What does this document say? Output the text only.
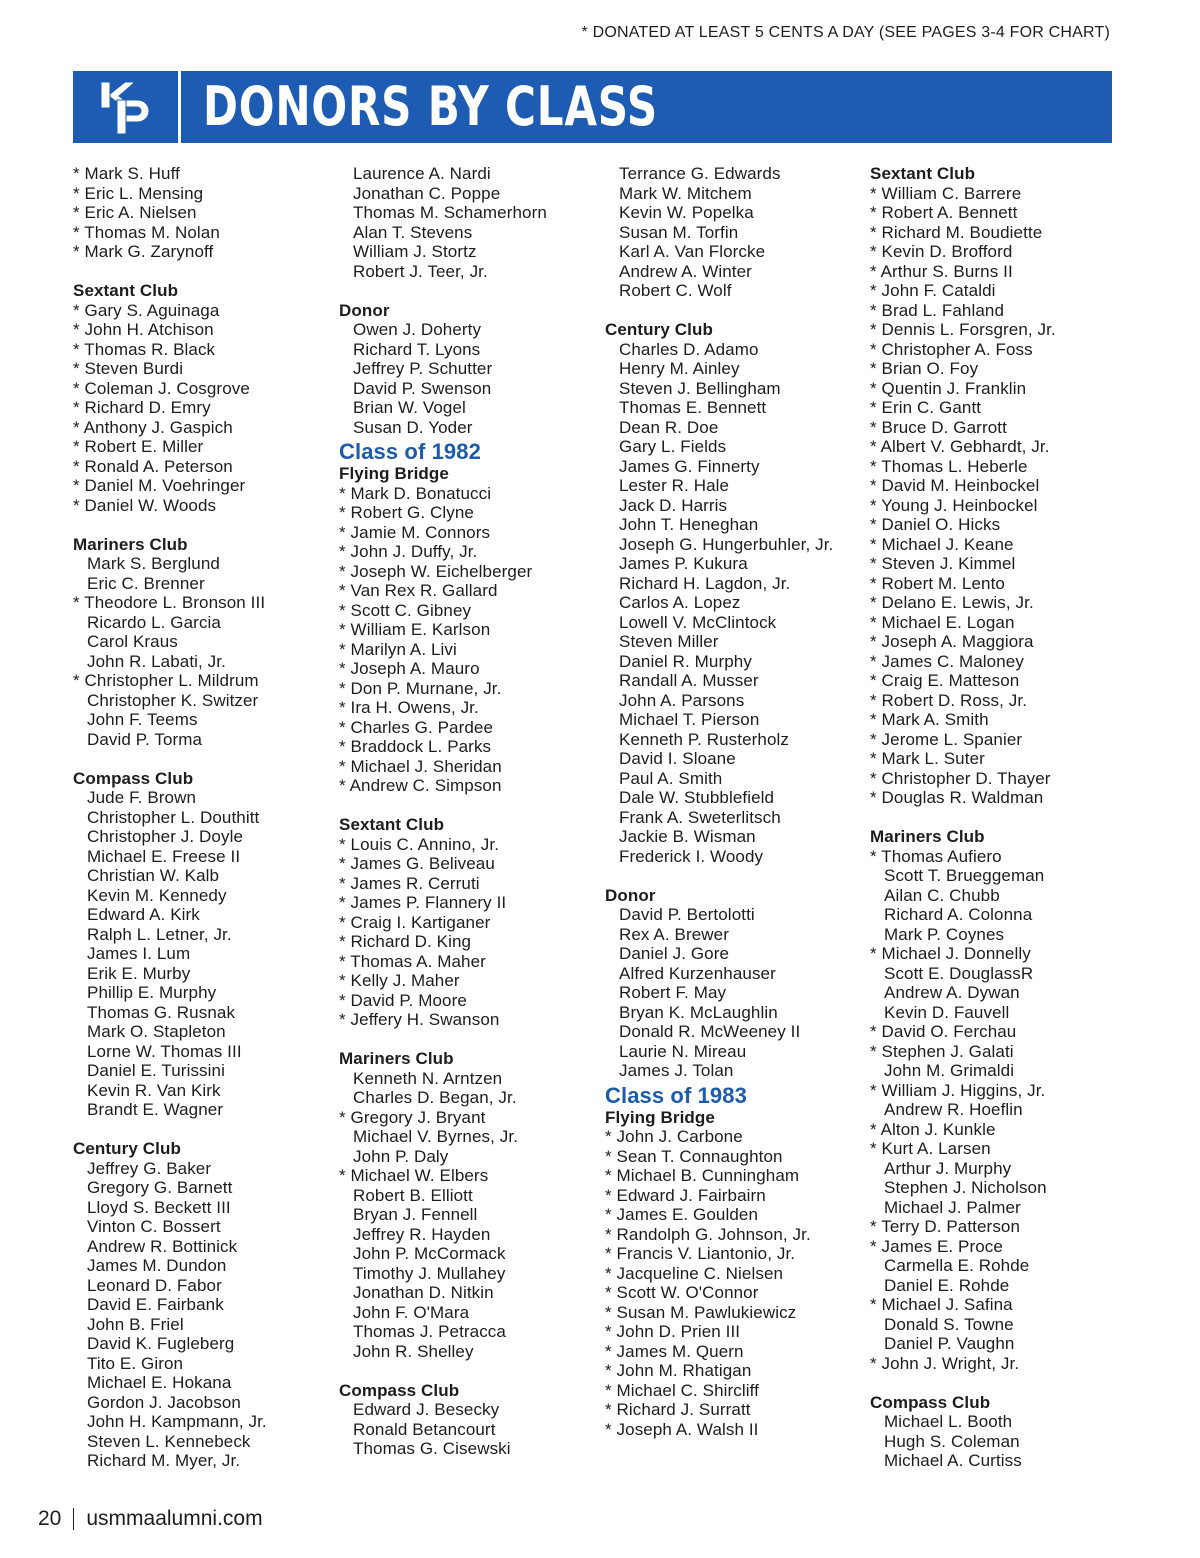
* DONATED AT LEAST 5 CENTS A DAY (SEE PAGES 3-4 FOR CHART)
DONORS BY CLASS
* Mark S. Huff
* Eric L. Mensing
* Eric A. Nielsen
* Thomas M. Nolan
* Mark G. Zarynoff
Sextant Club
* Gary S. Aguinaga
* John H. Atchison
* Thomas R. Black
* Steven Burdi
* Coleman J. Cosgrove
* Richard D. Emry
* Anthony J. Gaspich
* Robert E. Miller
* Ronald A. Peterson
* Daniel M. Voehringer
* Daniel W. Woods
Mariners Club
Mark S. Berglund
Eric C. Brenner
* Theodore L. Bronson III
Ricardo L. Garcia
Carol Kraus
John R. Labati, Jr.
* Christopher L. Mildrum
Christopher K. Switzer
John F. Teems
David P. Torma
Compass Club
Jude F. Brown
Christopher L. Douthitt
Christopher J. Doyle
Michael E. Freese II
Christian W. Kalb
Kevin M. Kennedy
Edward A. Kirk
Ralph L. Letner, Jr.
James I. Lum
Erik E. Murby
Phillip E. Murphy
Thomas G. Rusnak
Mark O. Stapleton
Lorne W. Thomas III
Daniel E. Turissini
Kevin R. Van Kirk
Brandt E. Wagner
Century Club
Jeffrey G. Baker
Gregory G. Barnett
Lloyd S. Beckett III
Vinton C. Bossert
Andrew R. Bottinick
James M. Dundon
Leonard D. Fabor
David E. Fairbank
John B. Friel
David K. Fugleberg
Tito E. Giron
Michael E. Hokana
Gordon J. Jacobson
John H. Kampmann, Jr.
Steven L. Kennebeck
Richard M. Myer, Jr.
Laurence A. Nardi
Jonathan C. Poppe
Thomas M. Schamerhorn
Alan T. Stevens
William J. Stortz
Robert J. Teer, Jr.
Donor
Owen J. Doherty
Richard T. Lyons
Jeffrey P. Schutter
David P. Swenson
Brian W. Vogel
Susan D. Yoder
Class of 1982
Flying Bridge
* Mark D. Bonatucci
* Robert G. Clyne
* Jamie M. Connors
* John J. Duffy, Jr.
* Joseph W. Eichelberger
* Van Rex R. Gallard
* Scott C. Gibney
* William E. Karlson
* Marilyn A. Livi
* Joseph A. Mauro
* Don P. Murnane, Jr.
* Ira H. Owens, Jr.
* Charles G. Pardee
* Braddock L. Parks
* Michael J. Sheridan
* Andrew C. Simpson
Sextant Club
* Louis C. Annino, Jr.
* James G. Beliveau
* James R. Cerruti
* James P. Flannery II
* Craig I. Kartiganer
* Richard D. King
* Thomas A. Maher
* Kelly J. Maher
* David P. Moore
* Jeffery H. Swanson
Mariners Club
Kenneth N. Arntzen
Charles D. Began, Jr.
* Gregory J. Bryant
Michael V. Byrnes, Jr.
John P. Daly
* Michael W. Elbers
Robert B. Elliott
Bryan J. Fennell
Jeffrey R. Hayden
John P. McCormack
Timothy J. Mullahey
Jonathan D. Nitkin
John F. O'Mara
Thomas J. Petracca
John R. Shelley
Compass Club
Edward J. Besecky
Ronald Betancourt
Thomas G. Cisewski
Terrance G. Edwards
Mark W. Mitchem
Kevin W. Popelka
Susan M. Torfin
Karl A. Van Florcke
Andrew A. Winter
Robert C. Wolf
Century Club
Charles D. Adamo
Henry M. Ainley
Steven J. Bellingham
Thomas E. Bennett
Dean R. Doe
Gary L. Fields
James G. Finnerty
Lester R. Hale
Jack D. Harris
John T. Heneghan
Joseph G. Hungerbuhler, Jr.
James P. Kukura
Richard H. Lagdon, Jr.
Carlos A. Lopez
Lowell V. McClintock
Steven Miller
Daniel R. Murphy
Randall A. Musser
John A. Parsons
Michael T. Pierson
Kenneth P. Rusterholz
David I. Sloane
Paul A. Smith
Dale W. Stubblefield
Frank A. Sweterlitsch
Jackie B. Wisman
Frederick I. Woody
Donor
David P. Bertolotti
Rex A. Brewer
Daniel J. Gore
Alfred Kurzenhauser
Robert F. May
Bryan K. McLaughlin
Donald R. McWeeney II
Laurie N. Mireau
James J. Tolan
Class of 1983
Flying Bridge
* John J. Carbone
* Sean T. Connaughton
* Michael B. Cunningham
* Edward J. Fairbairn
* James E. Goulden
* Randolph G. Johnson, Jr.
* Francis V. Liantonio, Jr.
* Jacqueline C. Nielsen
* Scott W. O'Connor
* Susan M. Pawlukiewicz
* John D. Prien III
* James M. Quern
* John M. Rhatigan
* Michael C. Shircliff
* Richard J. Surratt
* Joseph A. Walsh II
Sextant Club
* William C. Barrere
* Robert A. Bennett
* Richard M. Boudiette
* Kevin D. Brofford
* Arthur S. Burns II
* John F. Cataldi
* Brad L. Fahland
* Dennis L. Forsgren, Jr.
* Christopher A. Foss
* Brian O. Foy
* Quentin J. Franklin
* Erin C. Gantt
* Bruce D. Garrott
* Albert V. Gebhardt, Jr.
* Thomas L. Heberle
* David M. Heinbockel
* Young J. Heinbockel
* Daniel O. Hicks
* Michael J. Keane
* Steven J. Kimmel
* Robert M. Lento
* Delano E. Lewis, Jr.
* Michael E. Logan
* Joseph A. Maggiora
* James C. Maloney
* Craig E. Matteson
* Robert D. Ross, Jr.
* Mark A. Smith
* Jerome L. Spanier
* Mark L. Suter
* Christopher D. Thayer
* Douglas R. Waldman
Mariners Club
* Thomas Aufiero
Scott T. Brueggeman
Ailan C. Chubb
Richard A. Colonna
Mark P. Coynes
* Michael J. Donnelly
Scott E. DouglassR
Andrew A. Dywan
Kevin D. Fauvell
* David O. Ferchau
* Stephen J. Galati
John M. Grimaldi
* William J. Higgins, Jr.
Andrew R. Hoeflin
* Alton J. Kunkle
* Kurt A. Larsen
Arthur J. Murphy
Stephen J. Nicholson
Michael J. Palmer
* Terry D. Patterson
* James E. Proce
Carmella E. Rohde
Daniel E. Rohde
* Michael J. Safina
Donald S. Towne
Daniel P. Vaughn
* John J. Wright, Jr.
Compass Club
Michael L. Booth
Hugh S. Coleman
Michael A. Curtiss
20 usmmaalumni.com
